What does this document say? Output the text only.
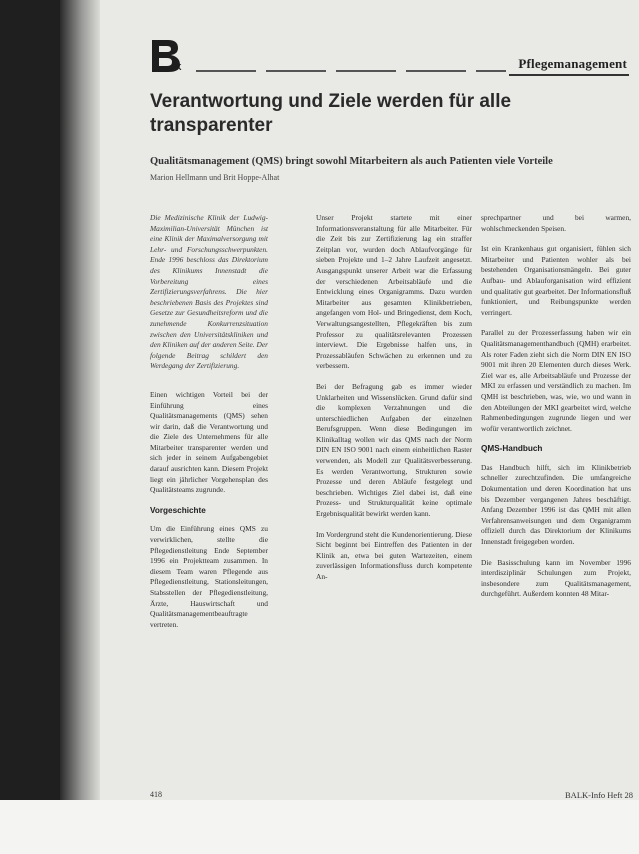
AK	Pflegemanagement
Verantwortung und Ziele werden für alle transparenter
Qualitätsmanagement (QMS) bringt sowohl Mitarbeitern als auch Patienten viele Vorteile
Marion Hellmann und Brit Hoppe-Alhat

Die Medizinische Klinik der Ludwig-Maximilian-Universität München ist eine Klinik der Maximalversorgung mit Lehr- und Forschungsschwerpunkten. Ende 1996 beschloss das Direktorium des Klinikums Innenstadt die Vorbereitung eines Zertifizierungsverfahrens. Die hier beschriebenen Basis des Projektes sind Gesetze zur Gesundheitsreform und die zunehmende Konkurrenzsituation zwischen den Universitätskliniken und den Kliniken auf der anderen Seite. Der folgende Beitrag schildert den Werdegang der Zertifizierung.

Einen wichtigen Vorteil bei der Einführung eines Qualitätsmanagements (QMS) sehen wir darin, daß die Verantwortung und die Ziele des Unternehmens für alle Mitarbeiter transparenter werden und sich jeder in seinem Aufgabengebiet darauf ausrichten kann. Diesem Projekt liegt ein jährlicher Vorgehensplan des Qualitätsteams zugrunde.

Vorgeschichte

Um die Einführung eines QMS zu verwirklichen, stellte die Pflegedienstleitung Ende September 1996 ein Projektteam zusammen. In diesem Team waren Pflegende aus Pflegedienstleitung, Stationsleitungen, Stabsstellen der Pflegedienstleitung, Ärzte, Hauswirtschaft und Qualitätsmanagementbeauftragte vertreten.

Unser Projekt startete mit einer Informationsveranstaltung für alle Mitarbeiter. Für die Zeit bis zur Zertifizierung lag ein straffer Zeitplan vor, wurden doch Ablaufvorgänge für sieben Projekte und 1–2 Jahre Laufzeit angesetzt. Ausgangspunkt unserer Arbeit war die Erfassung der verschiedenen Arbeitsabläufe und die Entwicklung eines Organigramms. Dazu wurden Mitarbeiter aus gesamten Klinikbetrieben, angefangen vom Hol- und Bringedienst, dem Koch, Verwaltungsangestellten, Pflegekräften bis zum Professor zu qualitätsrelevanten Prozessen interviewt. Die Ergebnisse halfen uns, in Prozessabläufen Schwächen zu erkennen und zu verbessern.

Bei der Befragung gab es immer wieder Unklarheiten und Wissenslücken. Grund dafür sind die komplexen Verzahnungen und die unterschiedlichen Aufgaben der einzelnen Berufsgruppen. Wenn diese Bedingungen im Klinikalltag wollen wir das QMS nach der Norm DIN EN ISO 9001 nach einem einheitlichen Raster verwenden, als Modell zur Qualitätsverbesserung. Es werden Verantwortung, Strukturen sowie Prozesse und deren Abläufe festgelegt und beschrieben. Wichtiges Ziel dabei ist, daß eine Prozess- und Strukturqualität keine optimale Ergebnisqualität bewirkt werden kann.

Im Vordergrund steht die Kundenorientierung. Diese Sicht beginnt bei Eintreffen des Patienten in der Klinik an, etwa bei guten Wartezeiten, einem zuverlässigen Informationsfluss durch kompetente An-

sprechpartner und bei warmen, wohlschmeckenden Speisen.

Ist ein Krankenhaus gut organisiert, fühlen sich Mitarbeiter und Patienten wohler als bei bestehenden Organisationsmängeln. Bei guter Aufbau- und Ablauforganisation wird effizient und qualitativ gut gearbeitet. Der Informationsfluß funktioniert, und Reibungspunkte werden verringert.

Parallel zu der Prozesserfassung haben wir ein Qualitätsmanagementhandbuch (QMH) erarbeitet. Als roter Faden zieht sich die Norm DIN EN ISO 9001 mit ihren 20 Elementen durch dieses Werk. Ziel war es, alle Arbeitsabläufe und Prozesse der MKI zu erfassen und verständlich zu machen. Im QMH ist beschrieben, was, wie, wo und wann in den Abteilungen der MKI gearbeitet wird, welche Rahmenbedingungen zugrunde liegen und wer wofür verantwortlich zeichnet.

QMS-Handbuch

Das Handbuch hilft, sich im Klinikbetrieb schneller zurechtzufinden. Die umfangreiche Dokumentation und deren Koordination hat uns bis Dezember vergangenen Jahres beschäftigt. Anfang Dezember 1996 ist das QMH mit allen Verfahrensanweisungen und dem Organigramm offiziell durch das Direktorium der Klinikums Innenstadt freigegeben worden.

Die Basisschulung kann im November 1996 interdisziplinär Schulungen zum Projekt, insbesondere zum Qualitätsmanagement, durchgeführt. Außerdem konnten 48 Mitar-

418	BALK-Info Heft 28
